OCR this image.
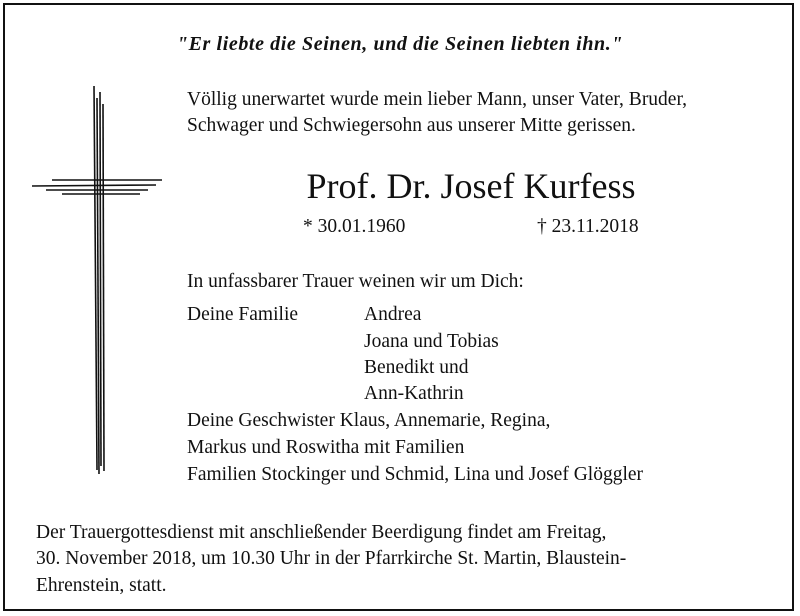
"Er liebte die Seinen, und die Seinen liebten ihn."
Völlig unerwartet wurde mein lieber Mann, unser Vater, Bruder,
Schwager und Schwiegersohn aus unserer Mitte gerissen.
Prof. Dr. Josef Kurfess
* 30.01.1960	† 23.11.2018
In unfassbarer Trauer weinen wir um Dich:
Deine Familie	Andrea
Joana und Tobias
Benedikt und
Ann-Kathrin
Deine Geschwister Klaus, Annemarie, Regina,
Markus und Roswitha mit Familien
Familien Stockinger und Schmid, Lina und Josef Glöggler
Der Trauergottesdienst mit anschließender Beerdigung findet am Freitag,
30. November 2018, um 10.30 Uhr in der Pfarrkirche St. Martin, Blaustein-
Ehrenstein, statt.
